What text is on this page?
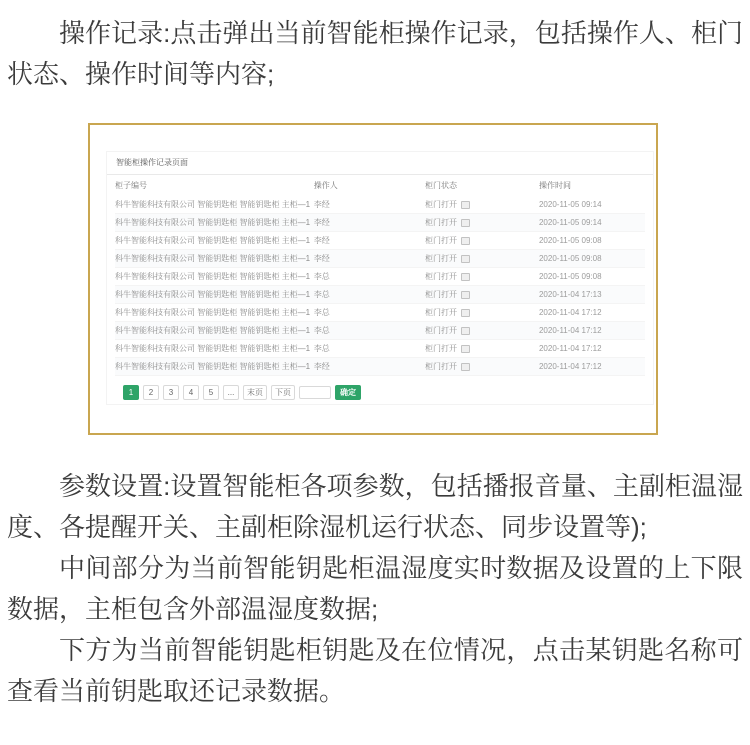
操作记录:点击弹出当前智能柜操作记录，包括操作人、柜门状态、操作时间等内容;

智能柜操作记录页面
柜子编号	操作人	柜门状态	操作时间
科牛智能科技有限公司 智能钥匙柜 智能钥匙柜 主柜—1 李经	柜门打开	2020-11-05 09:14
科牛智能科技有限公司 智能钥匙柜 智能钥匙柜 主柜—1 李经	柜门打开	2020-11-05 09:14
科牛智能科技有限公司 智能钥匙柜 智能钥匙柜 主柜—1 李经	柜门打开	2020-11-05 09:08
科牛智能科技有限公司 智能钥匙柜 智能钥匙柜 主柜—1 李经	柜门打开	2020-11-05 09:08
科牛智能科技有限公司 智能钥匙柜 智能钥匙柜 主柜—1 李总	柜门打开	2020-11-05 09:08
科牛智能科技有限公司 智能钥匙柜 智能钥匙柜 主柜—1 李总	柜门打开	2020-11-04 17:13
科牛智能科技有限公司 智能钥匙柜 智能钥匙柜 主柜—1 李总	柜门打开	2020-11-04 17:12
科牛智能科技有限公司 智能钥匙柜 智能钥匙柜 主柜—1 李总	柜门打开	2020-11-04 17:12
科牛智能科技有限公司 智能钥匙柜 智能钥匙柜 主柜—1 李总	柜门打开	2020-11-04 17:12
科牛智能科技有限公司 智能钥匙柜 智能钥匙柜 主柜—1 李经	柜门打开	2020-11-04 17:12
1	2	3	4	5	...	末页	下页	确定

参数设置:设置智能柜各项参数，包括播报音量、主副柜温湿度、各提醒开关、主副柜除湿机运行状态、同步设置等);

中间部分为当前智能钥匙柜温湿度实时数据及设置的上下限数据，主柜包含外部温湿度数据;

下方为当前智能钥匙柜钥匙及在位情况，点击某钥匙名称可查看当前钥匙取还记录数据。
